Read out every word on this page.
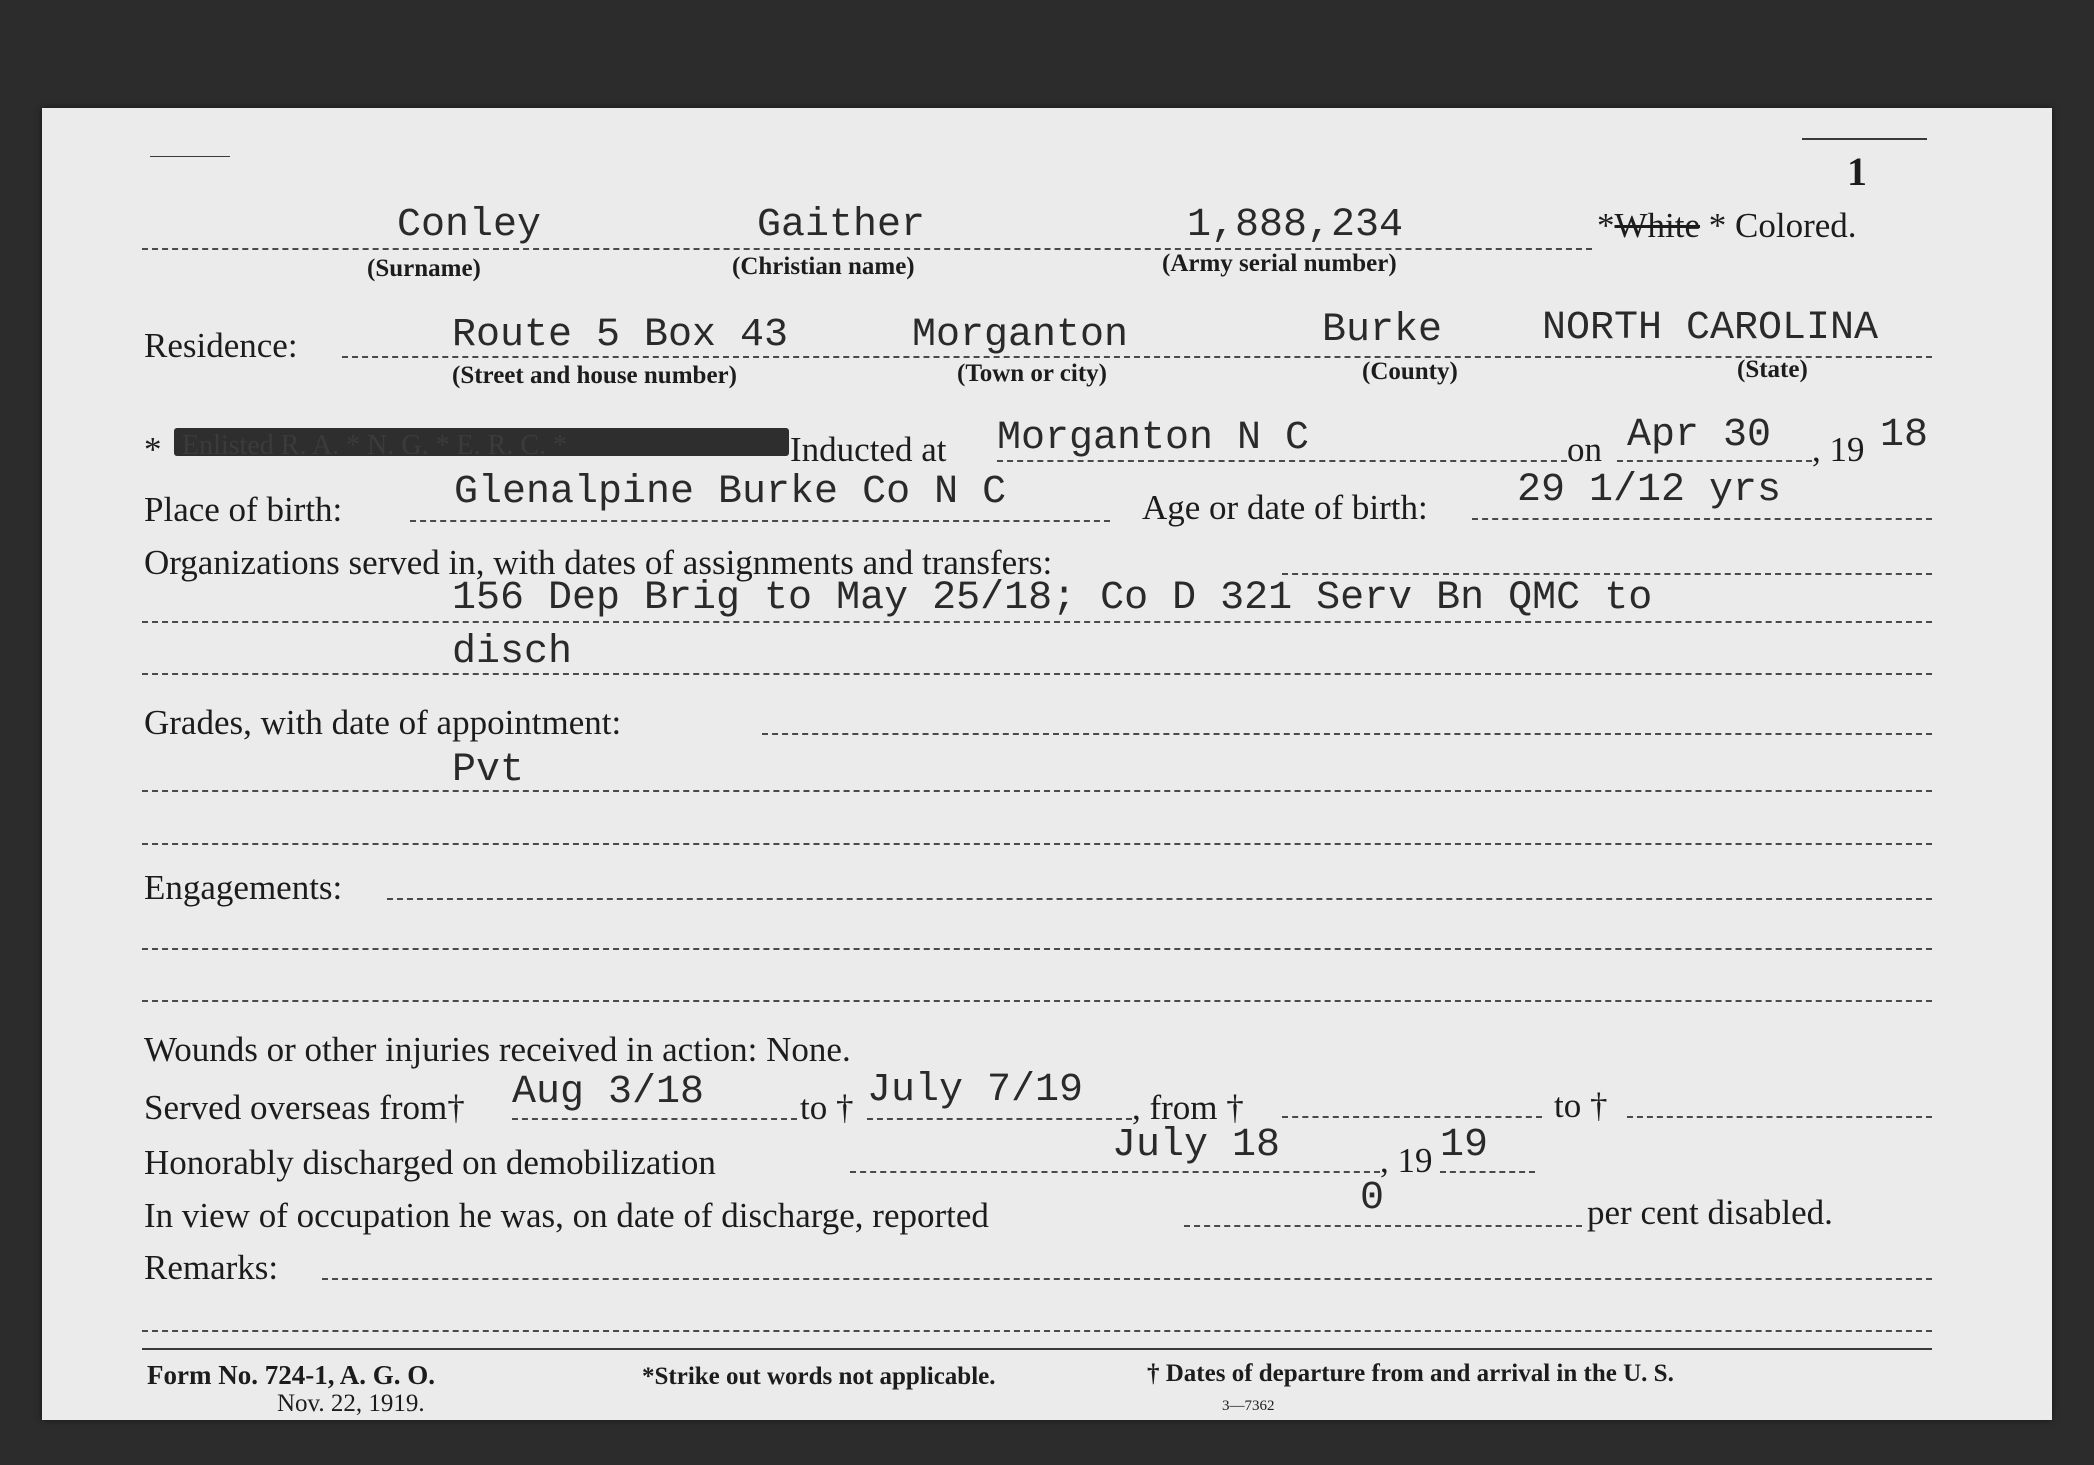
1
Conley	Gaither	1,888,234	*White * Colored.
(Surname)	(Christian name)	(Army serial number)
Residence:	Route 5 Box 43	Morganton	Burke NORTH CAROLINA
(Street and house number)	(Town or city)	(County)	(State)
* Enlisted R. A. * N. G. * E. R. C. *	Inducted at Morganton N C	on Apr 30 , 19 18
Place of birth:	Glenalpine Burke Co N C	Age or date of birth: 29 1/12 yrs
Organizations served in, with dates of assignments and transfers:
156 Dep Brig to May 25/18; Co D 321 Serv Bn QMC to
disch
Grades, with date of appointment:
Pvt
Engagements:
Wounds or other injuries received in action: None.
Served overseas from† Aug 3/18	to † July 7/19 , from †	to †
Honorably discharged on demobilization	July 18	, 19 19
In view of occupation he was, on date of discharge, reported	0	per cent disabled.
Remarks:
Form No. 724-1, A. G. O.
Nov. 22, 1919.
*Strike out words not applicable.	† Dates of departure from and arrival in the U. S.
3—7362
